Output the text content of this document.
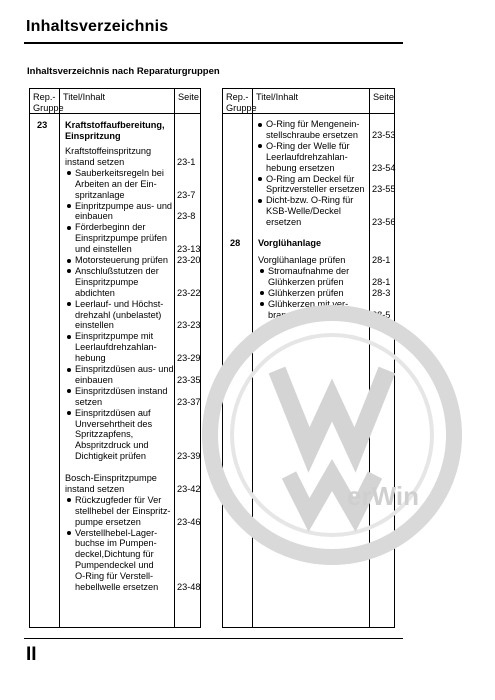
Inhaltsverzeichnis
Inhaltsverzeichnis nach Reparaturgruppen
Rep.-
Gruppe
Titel/Inhalt	Seite
23 Kraftstoffaufbereitung,
Einspritzung
Kraftstoffeinspritzung
instand setzen	23-1
Sauberkeitsregeln bei
Arbeiten an der Ein-
spritzanlage	23-7
Einpritzpumpe aus- und
einbauen	23-8
Förderbeginn der
Einspritzpumpe prüfen
und einstellen	23-13
Motorsteuerung prüfen 23-20
Anschlußstutzen der
Einspritzpumpe
abdichten	23-22
Leerlauf- und Höchst-
drehzahl (unbelastet)
einstellen	23-23
Einspritzpumpe mit
Leerlaufdrehzahlan-
hebung	23-29
Einspritzdüsen aus- und
einbauen	23-35
Einspritzdüsen instand
setzen	23-37
Einspritzdüsen auf
Unversehrtheit des
Spritzzapfens,
Abspritzdruck und
Dichtigkeit prüfen	23-39
Bosch-Einspritzpumpe
instand setzen	23-42
Rückzugfeder für Ver
stellhebel der Einspritz-
pumpe ersetzen	23-46
Verstellhebel-Lager-
buchse im Pumpen-
deckel,Dichtung für
Pumpendeckel und
O-Ring für Verstell-
hebellwelle ersetzen 23-48
Rep.-
Gruppe
Titel/Inhalt	Seite
O-Ring für Mengenein-
stellschraube ersetzen 23-53
O-Ring der Welle für
Leerlaufdrehzahlan-
hebung ersetzen	23-54
O-Ring am Deckel für
Spritzversteller ersetzen 23-55
Dicht-bzw. O-Ring für
KSB-Welle/Deckel
ersetzen	23-56
28 Vorglühanlage
Vorglühanlage prüfen	28-1
Stromaufnahme der
Glühkerzen prüfen	28-1
Glühkerzen prüfen	28-3
Glühkerzen mit ver-
brannten Glühstiften 28-5
erWin
II
